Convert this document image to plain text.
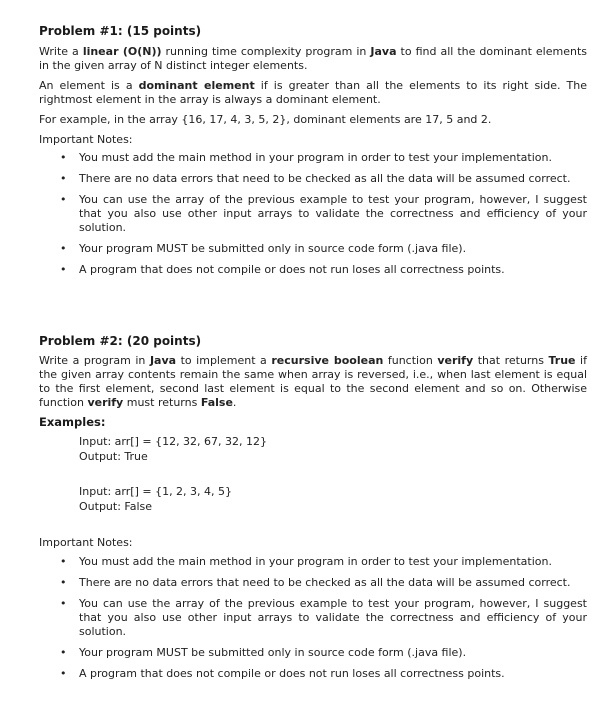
Problem #1: (15 points)

Write a linear (O(N)) running time complexity program in Java to find all the dominant elements in the given array of N distinct integer elements.

An element is a dominant element if is greater than all the elements to its right side. The rightmost element in the array is always a dominant element.

For example, in the array {16, 17, 4, 3, 5, 2}, dominant elements are 17, 5 and 2.

Important Notes:
• You must add the main method in your program in order to test your implementation.
• There are no data errors that need to be checked as all the data will be assumed correct.
• You can use the array of the previous example to test your program, however, I suggest that you also use other input arrays to validate the correctness and efficiency of your solution.
• Your program MUST be submitted only in source code form (.java file).
• A program that does not compile or does not run loses all correctness points.
Problem #2: (20 points)

Write a program in Java to implement a recursive boolean function verify that returns True if the given array contents remain the same when array is reversed, i.e., when last element is equal to the first element, second last element is equal to the second element and so on. Otherwise function verify must returns False.

Examples:
Input: arr[] = {12, 32, 67, 32, 12}
Output: True
Input: arr[] = {1, 2, 3, 4, 5}
Output: False
Important Notes:
• You must add the main method in your program in order to test your implementation.
• There are no data errors that need to be checked as all the data will be assumed correct.
• You can use the array of the previous example to test your program, however, I suggest that you also use other input arrays to validate the correctness and efficiency of your solution.
• Your program MUST be submitted only in source code form (.java file).
• A program that does not compile or does not run loses all correctness points.
